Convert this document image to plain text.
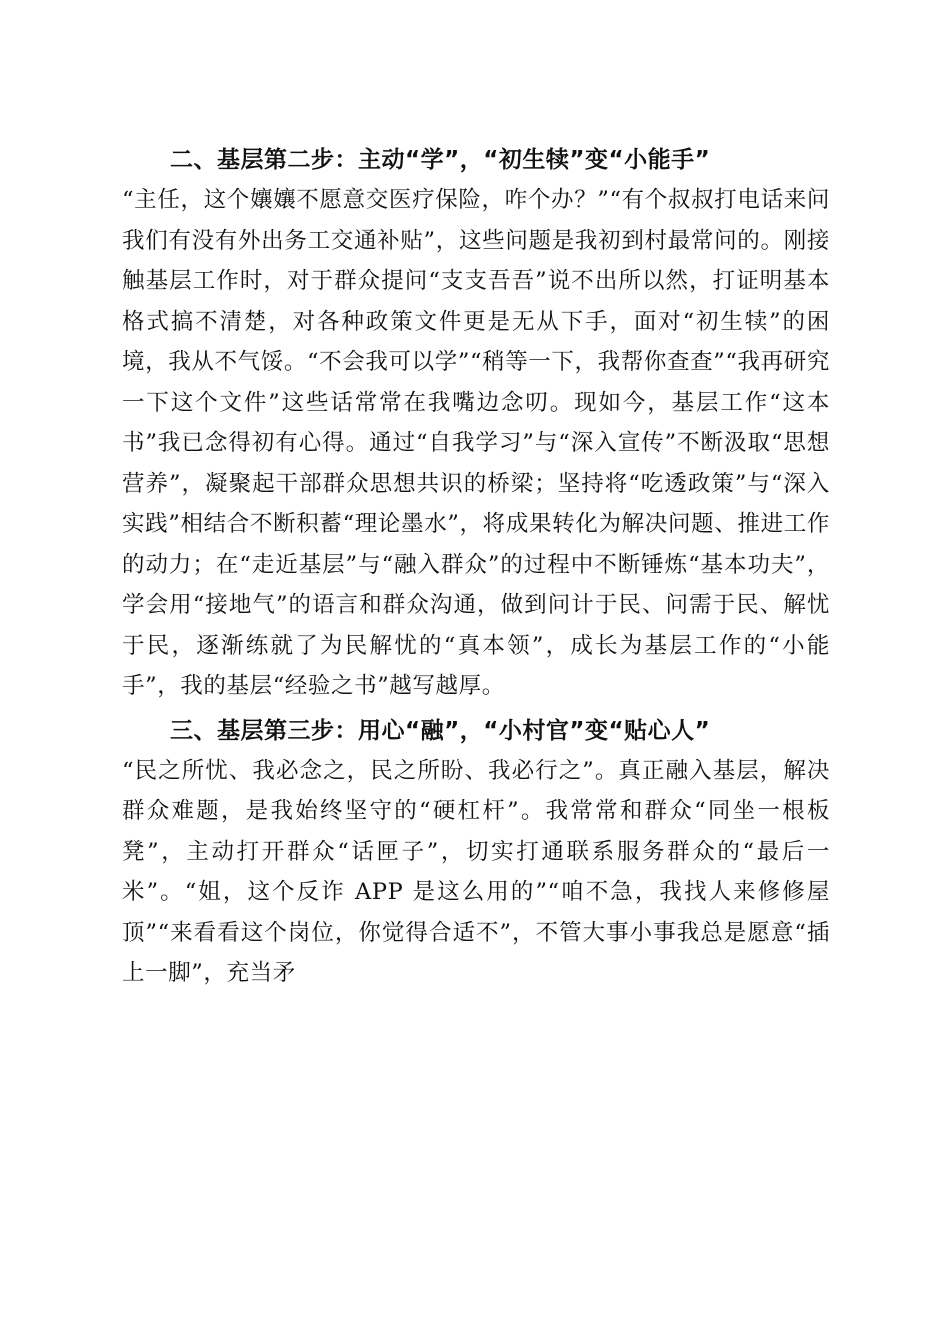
二、基层第二步：主动“学”，“初生犊”变“小能手”

“主任，这个孃孃不愿意交医疗保险，咋个办？”“有个叔叔打电话来问我们有没有外出务工交通补贴”，这些问题是我初到村最常问的。刚接触基层工作时，对于群众提问“支支吾吾”说不出所以然，打证明基本格式搞不清楚，对各种政策文件更是无从下手，面对“初生犊”的困境，我从不气馁。“不会我可以学”“稍等一下，我帮你查查”“我再研究一下这个文件”这些话常常在我嘴边念叨。现如今，基层工作“这本书”我已念得初有心得。通过“自我学习”与“深入宣传”不断汲取“思想营养”，凝聚起干部群众思想共识的桥梁；坚持将“吃透政策”与“深入实践”相结合不断积蓄“理论墨水”，将成果转化为解决问题、推进工作的动力；在“走近基层”与“融入群众”的过程中不断锤炼“基本功夫”，学会用“接地气”的语言和群众沟通，做到问计于民、问需于民、解忧于民，逐渐练就了为民解忧的“真本领”，成长为基层工作的“小能手”，我的基层“经验之书”越写越厚。

三、基层第三步：用心“融”，“小村官”变“贴心人”

“民之所忧、我必念之，民之所盼、我必行之”。真正融入基层，解决群众难题，是我始终坚守的“硬杠杆”。我常常和群众“同坐一根板凳”，主动打开群众“话匣子”，切实打通联系服务群众的“最后一米”。“姐，这个反诈 APP 是这么用的”“咱不急，我找人来修修屋顶”“来看看这个岗位，你觉得合适不”，不管大事小事我总是愿意“插上一脚”，充当矛
